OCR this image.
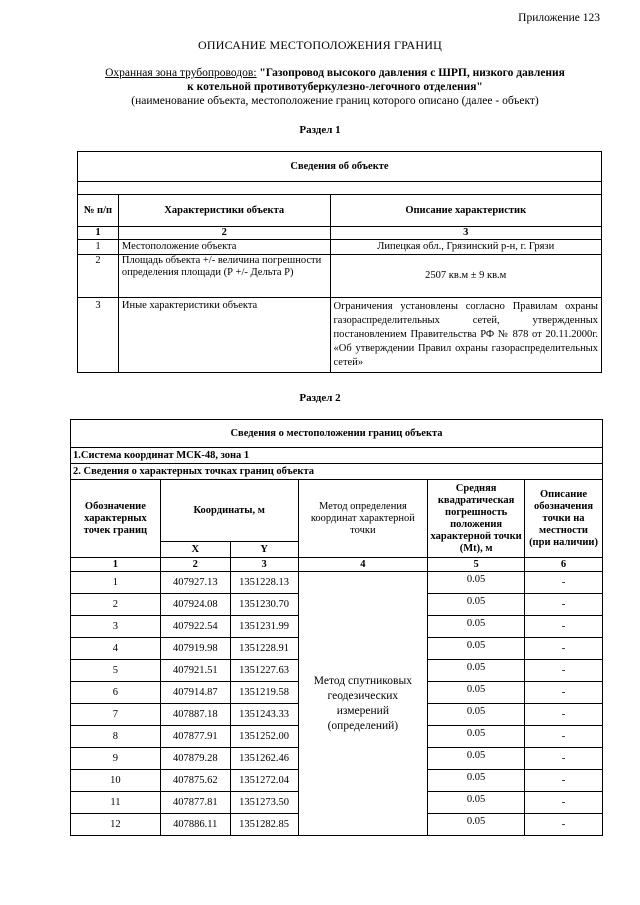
Приложение 123
ОПИСАНИЕ МЕСТОПОЛОЖЕНИЯ ГРАНИЦ
Охранная зона трубопроводов: "Газопровод высокого давления с ШРП, низкого давления
к котельной противотуберкулезно-легочного отделения"
(наименование объекта, местоположение границ которого описано (далее - объект)
Раздел 1
Сведения об объекте		

№ п/п	Характеристики объекта	Описание характеристик
1	2	3
1	Местоположение объекта	Липецкая обл., Грязинский р-н, г. Грязи
2	Площадь объекта +/- величина погрешности определения площади (Р +/- Дельта Р)	2507 кв.м ± 9 кв.м
3	Иные характеристики объекта	Ограничения установлены согласно Правилам охраны газораспределительных сетей, утвержденных постановлением Правительства РФ № 878 от 20.11.2000г. «Об утверждении Правил охраны газораспределительных сетей»
Раздел 2
Сведения о местоположении границ объекта					
1.Система координат МСК-48, зона 1					
2. Сведения о характерных точках границ объекта					
Обозначение характерных точек границ	Координаты, м		Метод определения координат характерной точки	Средняя квадратическая погрешность положения характерной точки (Mt), м	Описание обозначения точки на местности (при наличии)
	X	Y			
1	2	3	4	5	6
1	407927.13	1351228.13	Метод спутниковых геодезических измерений (определений)	0.05	-
2	407924.08	1351230.70		0.05	-
3	407922.54	1351231.99		0.05	-
4	407919.98	1351228.91		0.05	-
5	407921.51	1351227.63		0.05	-
6	407914.87	1351219.58		0.05	-
7	407887.18	1351243.33		0.05	-
8	407877.91	1351252.00		0.05	-
9	407879.28	1351262.46		0.05	-
10	407875.62	1351272.04		0.05	-
11	407877.81	1351273.50		0.05	-
12	407886.11	1351282.85		0.05	-
